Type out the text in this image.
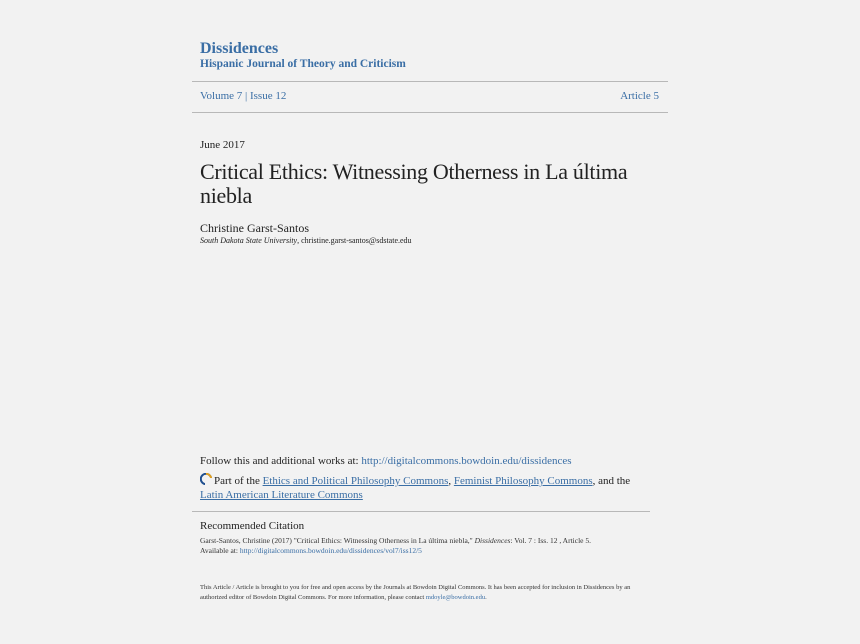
Dissidences
Hispanic Journal of Theory and Criticism
Volume 7 | Issue 12	Article 5
June 2017
Critical Ethics: Witnessing Otherness in La última niebla
Christine Garst-Santos
South Dakota State University, christine.garst-santos@sdstate.edu
Follow this and additional works at: http://digitalcommons.bowdoin.edu/dissidences
Part of the Ethics and Political Philosophy Commons, Feminist Philosophy Commons, and the Latin American Literature Commons
Recommended Citation
Garst-Santos, Christine (2017) "Critical Ethics: Witnessing Otherness in La última niebla," Dissidences: Vol. 7 : Iss. 12 , Article 5.
Available at: http://digitalcommons.bowdoin.edu/dissidences/vol7/iss12/5
This Article / Article is brought to you for free and open access by the Journals at Bowdoin Digital Commons. It has been accepted for inclusion in Dissidences by an authorized editor of Bowdoin Digital Commons. For more information, please contact mdoyle@bowdoin.edu.
